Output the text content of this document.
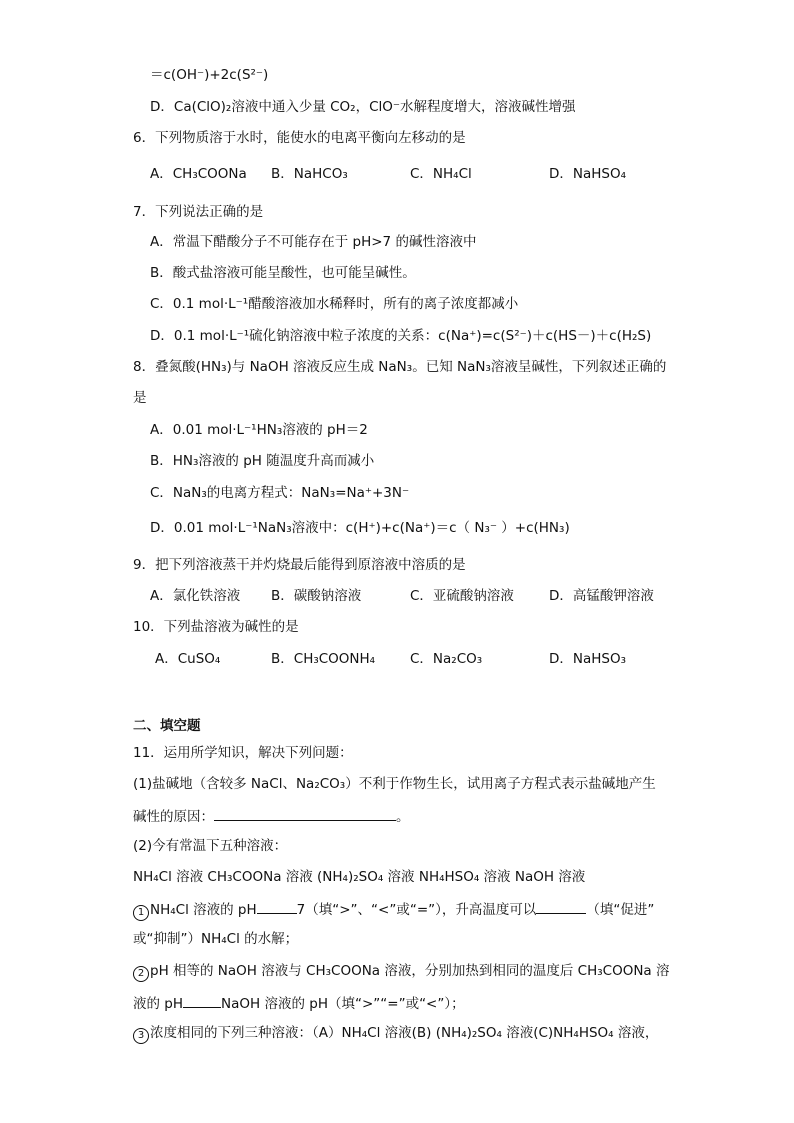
＝c(OH⁻)+2c(S²⁻)
D．Ca(ClO)₂溶液中通入少量 CO₂，ClO⁻水解程度增大，溶液碱性增强
6．下列物质溶于水时，能使水的电离平衡向左移动的是
A．CH₃COONa B．NaHCO₃	C．NH₄Cl	D．NaHSO₄
7．下列说法正确的是
A．常温下醋酸分子不可能存在于 pH>7 的碱性溶液中
B．酸式盐溶液可能呈酸性，也可能呈碱性。
C．0.1 mol·L⁻¹醋酸溶液加水稀释时，所有的离子浓度都减小
D．0.1 mol·L⁻¹硫化钠溶液中粒子浓度的关系：c(Na⁺)=c(S²⁻)＋c(HS－)＋c(H₂S)
8．叠氮酸(HN₃)与 NaOH 溶液反应生成 NaN₃。已知 NaN₃溶液呈碱性，下列叙述正确的
是
A．0.01 mol·L⁻¹HN₃溶液的 pH＝2
B．HN₃溶液的 pH 随温度升高而减小
C．NaN₃的电离方程式：NaN₃=Na⁺+3N⁻
D．0.01 mol·L⁻¹NaN₃溶液中：c(H⁺)+c(Na⁺)＝c（ N₃⁻ ）+c(HN₃)
9．把下列溶液蒸干并灼烧最后能得到原溶液中溶质的是
A．氯化铁溶液 B．碳酸钠溶液	C．亚硫酸钠溶液	D．高锰酸钾溶液
10．下列盐溶液为碱性的是
A．CuSO₄	B．CH₃COONH₄	C．Na₂CO₃	D．NaHSO₃
二、填空题
11．运用所学知识，解决下列问题：
(1)盐碱地（含较多 NaCl、Na₂CO₃）不利于作物生长，试用离子方程式表示盐碱地产生
碱性的原因：	。
(2)今有常温下五种溶液：
NH₄Cl 溶液 CH₃COONa 溶液 (NH₄)₂SO₄ 溶液 NH₄HSO₄ 溶液 NaOH 溶液
1 NH₄Cl 溶液的 pH	7（填“>”、“<”或“=”），升高温度可以	（填“促进”
或“抑制”）NH₄Cl 的水解；
2 pH 相等的 NaOH 溶液与 CH₃COONa 溶液，分别加热到相同的温度后 CH₃COONa 溶
液的 pH	NaOH 溶液的 pH（填“>”“=”或“<”）；
3 浓度相同的下列三种溶液：（A）NH₄Cl 溶液(B) (NH₄)₂SO₄ 溶液(C)NH₄HSO₄ 溶液，
